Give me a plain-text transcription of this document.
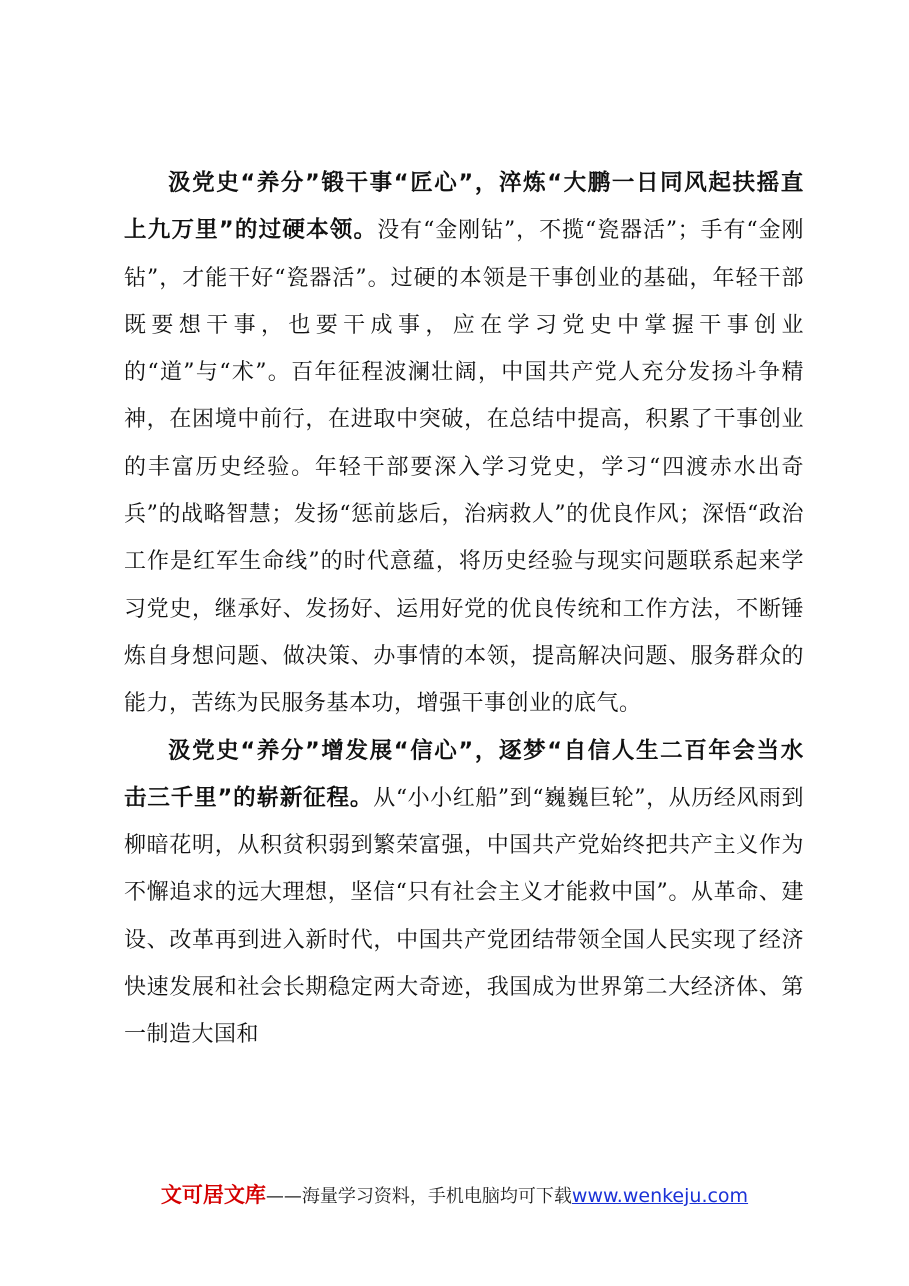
汲党史“养分”锻干事“匠心”，淬炼“大鹏一日同风起扶摇直上九万里”的过硬本领。没有“金刚钻”，不揽“瓷器活”；手有“金刚钻”，才能干好“瓷器活”。过硬的本领是干事创业的基础，年轻干部既要想干事，也要干成事，应在学习党史中掌握干事创业的“道”与“术”。百年征程波澜壮阔，中国共产党人充分发扬斗争精神，在困境中前行，在进取中突破，在总结中提高，积累了干事创业的丰富历史经验。年轻干部要深入学习党史，学习“四渡赤水出奇兵”的战略智慧；发扬“惩前毖后，治病救人”的优良作风；深悟“政治工作是红军生命线”的时代意蕴，将历史经验与现实问题联系起来学习党史，继承好、发扬好、运用好党的优良传统和工作方法，不断锤炼自身想问题、做决策、办事情的本领，提高解决问题、服务群众的能力，苦练为民服务基本功，增强干事创业的底气。

汲党史“养分”增发展“信心”，逐梦“自信人生二百年会当水击三千里”的崭新征程。从“小小红船”到“巍巍巨轮”，从历经风雨到柳暗花明，从积贫积弱到繁荣富强，中国共产党始终把共产主义作为不懈追求的远大理想，坚信“只有社会主义才能救中国”。从革命、建设、改革再到进入新时代，中国共产党团结带领全国人民实现了经济快速发展和社会长期稳定两大奇迹，我国成为世界第二大经济体、第一制造大国和

文可居文库——海量学习资料，手机电脑均可下载www.wenkeju.com
